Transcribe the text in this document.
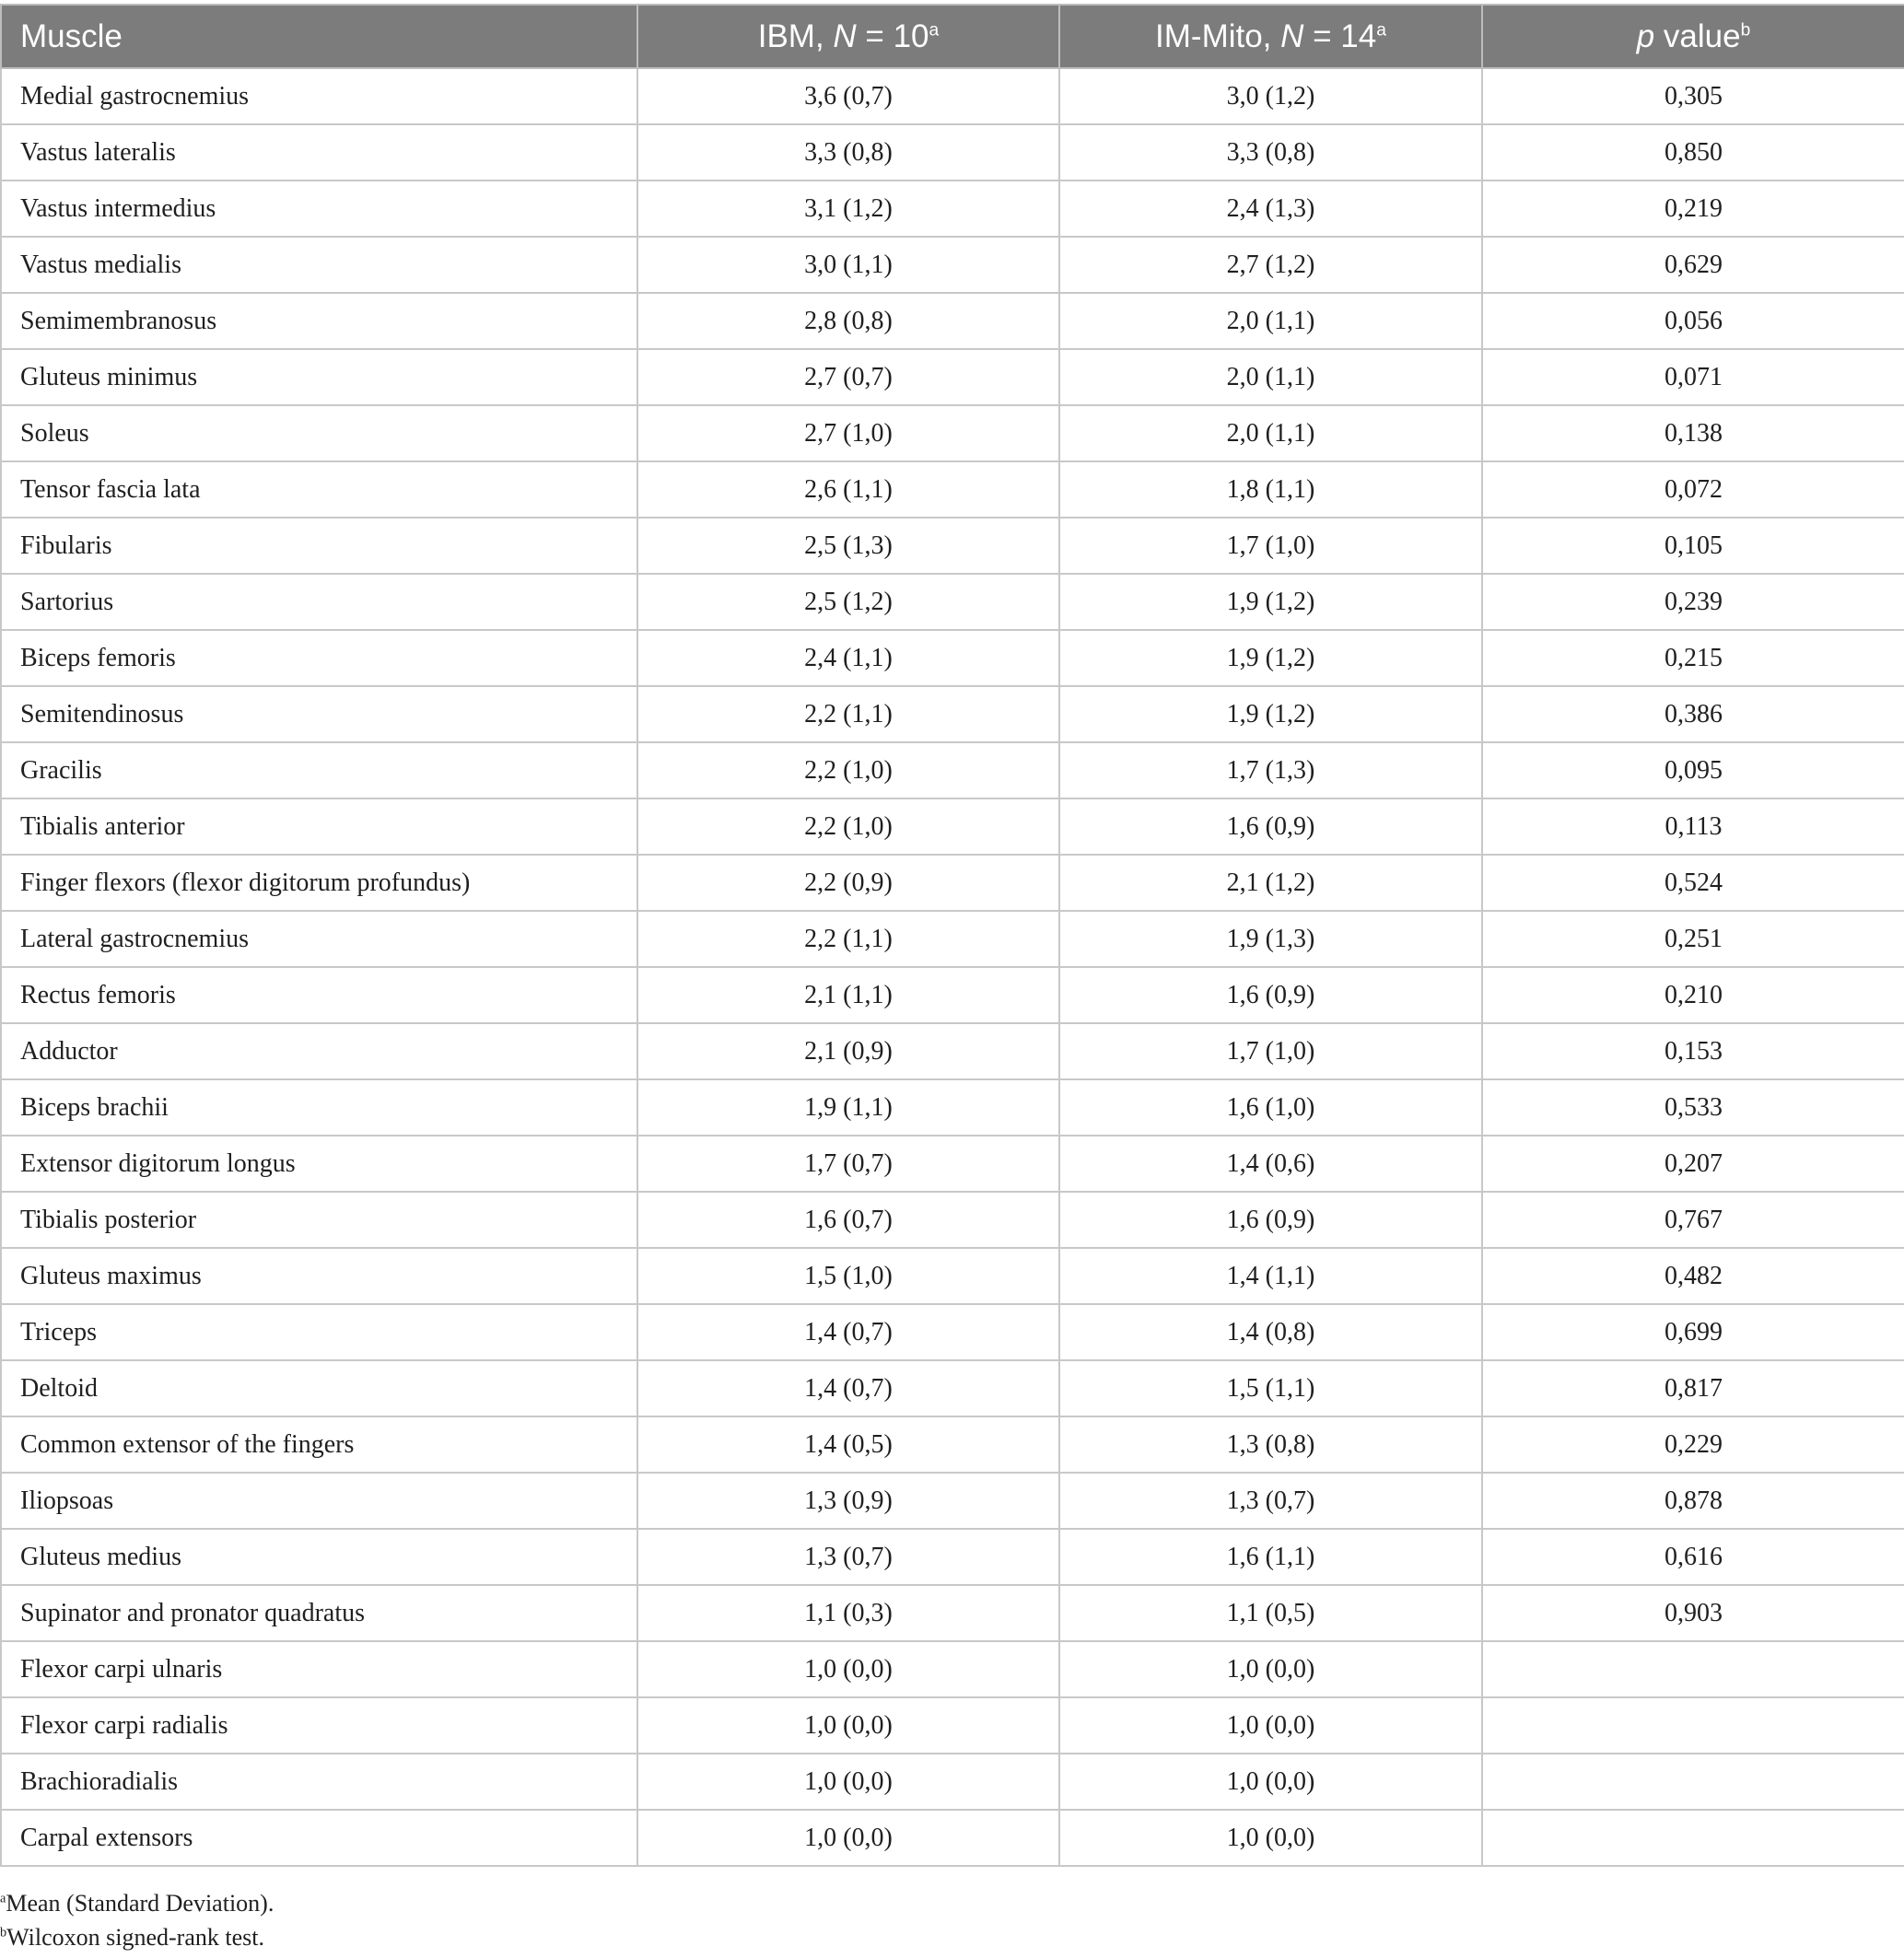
Muscle	IBM, $N = 10^a$	IM-Mito, $N = 14^a$	p value$^b$
Medial gastrocnemius	3,6 (0,7)	3,0 (1,2)	0,305
Vastus lateralis	3,3 (0,8)	3,3 (0,8)	0,850
Vastus intermedius	3,1 (1,2)	2,4 (1,3)	0,219
Vastus medialis	3,0 (1,1)	2,7 (1,2)	0,629
Semimembranosus	2,8 (0,8)	2,0 (1,1)	0,056
Gluteus minimus	2,7 (0,7)	2,0 (1,1)	0,071
Soleus	2,7 (1,0)	2,0 (1,1)	0,138
Tensor fascia lata	2,6 (1,1)	1,8 (1,1)	0,072
Fibularis	2,5 (1,3)	1,7 (1,0)	0,105
Sartorius	2,5 (1,2)	1,9 (1,2)	0,239
Biceps femoris	2,4 (1,1)	1,9 (1,2)	0,215
Semitendinosus	2,2 (1,1)	1,9 (1,2)	0,386
Gracilis	2,2 (1,0)	1,7 (1,3)	0,095
Tibialis anterior	2,2 (1,0)	1,6 (0,9)	0,113
Finger flexors (flexor digitorum profundus)	2,2 (0,9)	2,1 (1,2)	0,524
Lateral gastrocnemius	2,2 (1,1)	1,9 (1,3)	0,251
Rectus femoris	2,1 (1,1)	1,6 (0,9)	0,210
Adductor	2,1 (0,9)	1,7 (1,0)	0,153
Biceps brachii	1,9 (1,1)	1,6 (1,0)	0,533
Extensor digitorum longus	1,7 (0,7)	1,4 (0,6)	0,207
Tibialis posterior	1,6 (0,7)	1,6 (0,9)	0,767
Gluteus maximus	1,5 (1,0)	1,4 (1,1)	0,482
Triceps	1,4 (0,7)	1,4 (0,8)	0,699
Deltoid	1,4 (0,7)	1,5 (1,1)	0,817
Common extensor of the fingers	1,4 (0,5)	1,3 (0,8)	0,229
Iliopsoas	1,3 (0,9)	1,3 (0,7)	0,878
Gluteus medius	1,3 (0,7)	1,6 (1,1)	0,616
Supinator and pronator quadratus	1,1 (0,3)	1,1 (0,5)	0,903
Flexor carpi ulnaris	1,0 (0,0)	1,0 (0,0)	
Flexor carpi radialis	1,0 (0,0)	1,0 (0,0)	
Brachioradialis	1,0 (0,0)	1,0 (0,0)	
Carpal extensors	1,0 (0,0)	1,0 (0,0)	
$^a$Mean (Standard Deviation).
$^b$Wilcoxon signed-rank test.
